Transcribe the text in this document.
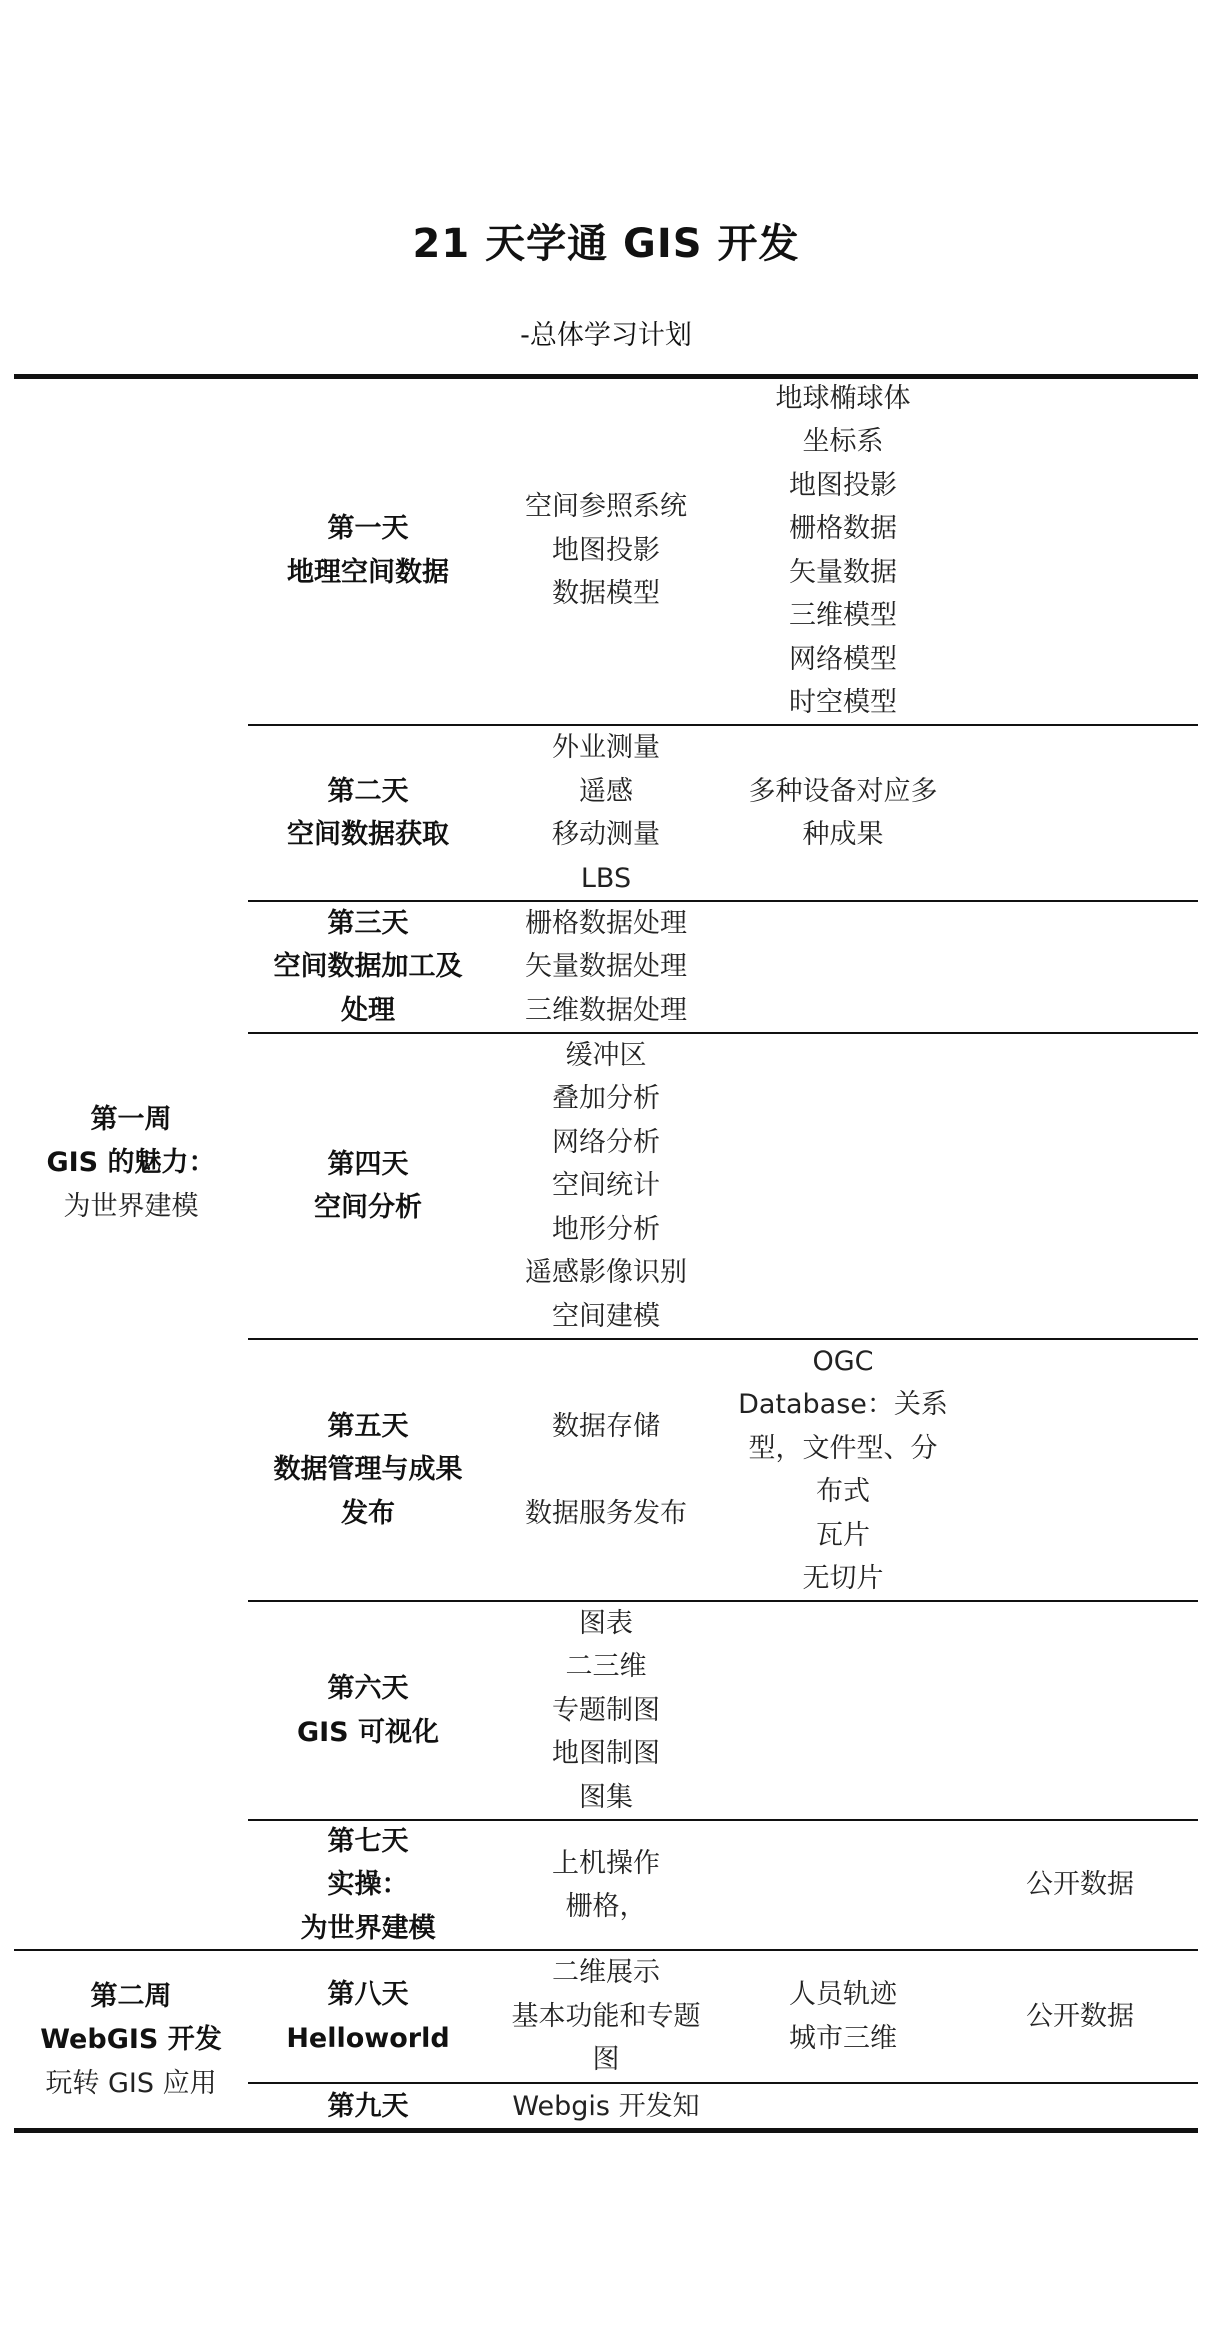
21 天学通 GIS 开发
-总体学习计划
第一周
GIS 的魅力：
为世界建模
第一天
地理空间数据
空间参照系统
地图投影
数据模型
地球椭球体
坐标系
地图投影
栅格数据
矢量数据
三维模型
网络模型
时空模型
第二天
空间数据获取
外业测量
遥感
移动测量
LBS
多种设备对应多
种成果
第三天
空间数据加工及
处理
栅格数据处理
矢量数据处理
三维数据处理
第四天
空间分析
缓冲区
叠加分析
网络分析
空间统计
地形分析
遥感影像识别
空间建模
第五天
数据管理与成果
发布
数据存储

数据服务发布
OGC
Database：关系
型，文件型、分
布式
瓦片
无切片
第六天
GIS 可视化
图表
二三维
专题制图
地图制图
图集
第七天
实操：
为世界建模
上机操作
栅格，
公开数据
第二周
WebGIS 开发
玩转 GIS 应用
第八天
Helloworld
二维展示
基本功能和专题
图
人员轨迹
城市三维
公开数据
第九天	Webgis 开发知
